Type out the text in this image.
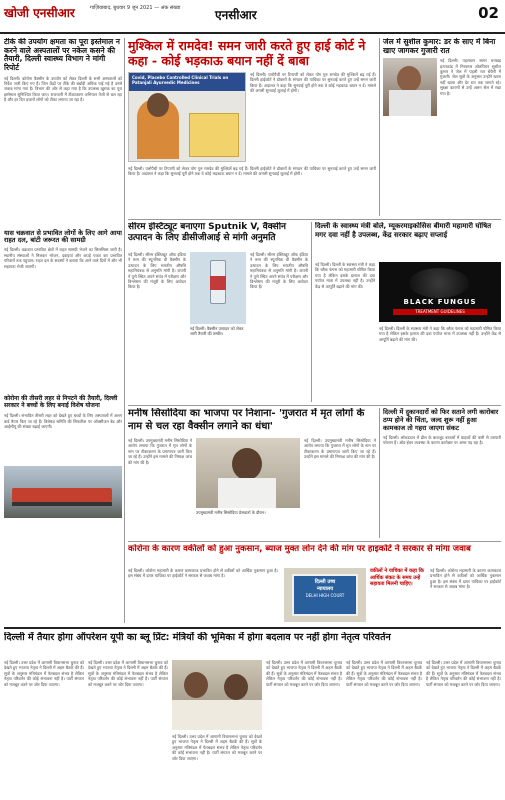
खोजी एनसीआर	गाज़ियाबाद, बुधवार 9 जून 2021 — अंक संख्या	एनसीआर	02
टीके की उपयोग क्षमता का पूरा इस्तेमाल न करने वाले अस्पतालों पर नकेल कसने की तैयारी, दिल्ली स्वास्थ्य विभाग ने मांगी रिपोर्ट
नई दिल्ली। कोरोना वैक्सीन के उपयोग को लेकर दिल्ली के सभी अस्पतालों को निर्देश जारी किए गए हैं। जिन केंद्रों पर टीके की बर्बादी अधिक पाई गई है उनसे जवाब मांगा गया है। विभाग की ओर से कहा गया है कि उपलब्ध खुराक का पूरा इस्तेमाल सुनिश्चित किया जाए। राजधानी में टीकाकरण अभियान तेजी से चल रहा है और हर दिन हजारों लोगों को टीका लगाया जा रहा है।
यास चक्रवात से प्रभावित लोगों के लिए आगे आया राहत दल, बांटी जरूरत की सामग्री
नई दिल्ली। चक्रवात प्रभावित क्षेत्रों में राहत सामग्री भेजने का सिलसिला जारी है। स्थानीय संस्थाओं ने मिलकर भोजन, दवाइयां और कपड़े एकत्र कर प्रभावित परिवारों तक पहुंचाए। राहत दल के सदस्यों ने बताया कि आने वाले दिनों में और भी सहायता भेजी जाएगी।
कोरोना की तीसरी लहर से निपटने की तैयारी, दिल्ली सरकार ने बच्चों के लिए बनाई विशेष योजना
नई दिल्ली। संभावित तीसरी लहर को देखते हुए बच्चों के लिए अस्पतालों में अलग वार्ड तैयार किए जा रहे हैं। विशेषज्ञ समिति की सिफारिश पर ऑक्सीजन बेड और आईसीयू की संख्या बढ़ाई जाएगी।
मुश्किल में रामदेव! समन जारी करते हुए हाई कोर्ट ने कहा - कोई भड़काऊ बयान नहीं दें बाबा
Covid, Placebo Controlled Clinical Trials on Patanjali Ayurvedic Medicines
नई दिल्ली। एलोपैथी पर टिप्पणी को लेकर योग गुरु रामदेव की मुश्किलें बढ़ गई हैं। दिल्ली हाईकोर्ट ने डॉक्टरों के संगठन की याचिका पर सुनवाई करते हुए उन्हें समन जारी किया है। अदालत ने कहा कि सुनवाई पूरी होने तक वे कोई भड़काऊ बयान न दें। मामले की अगली सुनवाई जुलाई में होगी।
नई दिल्ली। एलोपैथी पर टिप्पणी को लेकर योग गुरु रामदेव की मुश्किलें बढ़ गई हैं। दिल्ली हाईकोर्ट ने डॉक्टरों के संगठन की याचिका पर सुनवाई करते हुए उन्हें समन जारी किया है। अदालत ने कहा कि सुनवाई पूरी होने तक वे कोई भड़काऊ बयान न दें। मामले की अगली सुनवाई जुलाई में होगी।
जेल में सुशील कुमार: डर के साए में बिना खाए जागकर गुजारी रात
नई दिल्ली। पहलवान सागर धनखड़ हत्याकांड में गिरफ्तार ओलंपियन सुशील कुमार ने जेल में पहली रात बेचैनी में गुजारी। जेल सूत्रों के अनुसार उन्होंने खाना नहीं खाया और देर रात तक जागते रहे। सुरक्षा कारणों से उन्हें अलग सेल में रखा गया है।
सीरम इंस्टिट्यूट बनाएगा Sputnik V, वैक्सीन उत्पादन के लिए डीसीजीआई से मांगी अनुमति
नई दिल्ली। सीरम इंस्टिट्यूट ऑफ इंडिया ने रूस की स्पूतनिक वी वैक्सीन के उत्पादन के लिए भारतीय औषधि महानियंत्रक से अनुमति मांगी है। कंपनी ने पुणे स्थित अपने संयंत्र में परीक्षण और विश्लेषण की मंजूरी के लिए आवेदन किया है।
नई दिल्ली। वैक्सीन उत्पादन को लेकर जारी तैयारी की तस्वीर।
नई दिल्ली। सीरम इंस्टिट्यूट ऑफ इंडिया ने रूस की स्पूतनिक वी वैक्सीन के उत्पादन के लिए भारतीय औषधि महानियंत्रक से अनुमति मांगी है। कंपनी ने पुणे स्थित अपने संयंत्र में परीक्षण और विश्लेषण की मंजूरी के लिए आवेदन किया है।
दिल्ली के स्वास्थ्य मंत्री बोले, म्यूकरमाइकोसिस बीमारी महामारी घोषित मगर दवा नहीं है उपलब्ध, केंद्र सरकार बढ़ाए सप्लाई
नई दिल्ली। दिल्ली के स्वास्थ्य मंत्री ने कहा कि ब्लैक फंगस को महामारी घोषित किया गया है लेकिन इसके इलाज की दवा पर्याप्त मात्रा में उपलब्ध नहीं है। उन्होंने केंद्र से आपूर्ति बढ़ाने की मांग की।
BLACK FUNGUS
TREATMENT GUIDELINES
नई दिल्ली। दिल्ली के स्वास्थ्य मंत्री ने कहा कि ब्लैक फंगस को महामारी घोषित किया गया है लेकिन इसके इलाज की दवा पर्याप्त मात्रा में उपलब्ध नहीं है। उन्होंने केंद्र से आपूर्ति बढ़ाने की मांग की।
मनीष सिसोदिया का भाजपा पर निशाना- 'गुजरात में मृत लोगों के नाम से चल रहा वैक्सीन लगाने का धंधा'
नई दिल्ली। उपमुख्यमंत्री मनीष सिसोदिया ने आरोप लगाया कि गुजरात में मृत लोगों के नाम पर टीकाकरण के प्रमाणपत्र जारी किए जा रहे हैं। उन्होंने इस मामले की निष्पक्ष जांच की मांग की है।
उपमुख्यमंत्री मनीष सिसोदिया प्रेसवार्ता के दौरान।
नई दिल्ली। उपमुख्यमंत्री मनीष सिसोदिया ने आरोप लगाया कि गुजरात में मृत लोगों के नाम पर टीकाकरण के प्रमाणपत्र जारी किए जा रहे हैं। उन्होंने इस मामले की निष्पक्ष जांच की मांग की है।
दिल्ली में दुकानदारों को फिर सताने लगी कारोबार ठप्प होने की चिंता, जल्द शुरू नहीं हुआ कामकाज तो गहरा जाएगा संकट
नई दिल्ली। लॉकडाउन में ढील के बावजूद बाजारों में ग्राहकों की कमी से व्यापारी परेशान हैं। ऑड-ईवन व्यवस्था के कारण कारोबार पर असर पड़ रहा है।
कोरोना के कारण वकीलों को हुआ नुकसान, ब्याज मुक्त लोन देने की मांग पर हाइकोर्ट ने सरकार से मांगा जवाब
नई दिल्ली। कोरोना महामारी के कारण कामकाज प्रभावित होने से वकीलों को आर्थिक नुकसान हुआ है। इस संबंध में दायर याचिका पर हाईकोर्ट ने सरकार से जवाब मांगा है।
दिल्ली उच्च
न्यायालय
DELHI HIGH COURT
वकीलों ने याचिका में कहा कि आर्थिक संकट के समय उन्हें सहायता मिलनी चाहिए।
नई दिल्ली। कोरोना महामारी के कारण कामकाज प्रभावित होने से वकीलों को आर्थिक नुकसान हुआ है। इस संबंध में दायर याचिका पर हाईकोर्ट ने सरकार से जवाब मांगा है।
दिल्ली में तैयार होगा ऑपरेशन यूपी का ब्लू प्रिंट: मंत्रियों की भूमिका में होगा बदलाव पर नहीं होगा नेतृत्व परिवर्तन
नई दिल्ली। उत्तर प्रदेश में आगामी विधानसभा चुनाव को देखते हुए भाजपा नेतृत्व ने दिल्ली में अहम बैठकें की हैं। सूत्रों के अनुसार मंत्रिमंडल में फेरबदल संभव है लेकिन नेतृत्व परिवर्तन की कोई संभावना नहीं है। पार्टी संगठन को मजबूत करने पर जोर दिया जाएगा।
नई दिल्ली। उत्तर प्रदेश में आगामी विधानसभा चुनाव को देखते हुए भाजपा नेतृत्व ने दिल्ली में अहम बैठकें की हैं। सूत्रों के अनुसार मंत्रिमंडल में फेरबदल संभव है लेकिन नेतृत्व परिवर्तन की कोई संभावना नहीं है। पार्टी संगठन को मजबूत करने पर जोर दिया जाएगा।
नई दिल्ली। उत्तर प्रदेश में आगामी विधानसभा चुनाव को देखते हुए भाजपा नेतृत्व ने दिल्ली में अहम बैठकें की हैं। सूत्रों के अनुसार मंत्रिमंडल में फेरबदल संभव है लेकिन नेतृत्व परिवर्तन की कोई संभावना नहीं है। पार्टी संगठन को मजबूत करने पर जोर दिया जाएगा।
नई दिल्ली। उत्तर प्रदेश में आगामी विधानसभा चुनाव को देखते हुए भाजपा नेतृत्व ने दिल्ली में अहम बैठकें की हैं। सूत्रों के अनुसार मंत्रिमंडल में फेरबदल संभव है लेकिन नेतृत्व परिवर्तन की कोई संभावना नहीं है। पार्टी संगठन को मजबूत करने पर जोर दिया जाएगा।
नई दिल्ली। उत्तर प्रदेश में आगामी विधानसभा चुनाव को देखते हुए भाजपा नेतृत्व ने दिल्ली में अहम बैठकें की हैं। सूत्रों के अनुसार मंत्रिमंडल में फेरबदल संभव है लेकिन नेतृत्व परिवर्तन की कोई संभावना नहीं है। पार्टी संगठन को मजबूत करने पर जोर दिया जाएगा।
नई दिल्ली। उत्तर प्रदेश में आगामी विधानसभा चुनाव को देखते हुए भाजपा नेतृत्व ने दिल्ली में अहम बैठकें की हैं। सूत्रों के अनुसार मंत्रिमंडल में फेरबदल संभव है लेकिन नेतृत्व परिवर्तन की कोई संभावना नहीं है। पार्टी संगठन को मजबूत करने पर जोर दिया जाएगा।
